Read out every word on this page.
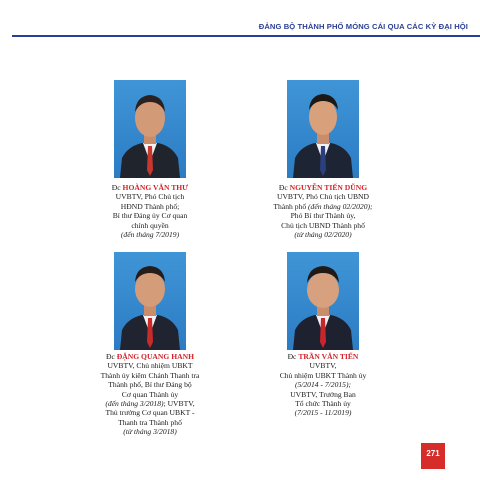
ĐẢNG BỘ THÀNH PHỐ MÓNG CÁI QUA CÁC KỲ ĐẠI HỘI
Đc HOÀNG VĂN THƯ
UVBTV, Phó Chủ tịch
HĐND Thành phố;
Bí thư Đảng ủy Cơ quan
chính quyền
(đến tháng 7/2019)
Đc NGUYỄN TIẾN DŨNG
UVBTV, Phó Chủ tịch UBND
Thành phố (đến tháng 02/2020);
Phó Bí thư Thành ủy,
Chủ tịch UBND Thành phố
(từ tháng 02/2020)
Đc ĐẶNG QUANG HANH
UVBTV, Chủ nhiệm UBKT
Thành ủy kiêm Chánh Thanh tra
Thành phố, Bí thư Đảng bộ
Cơ quan Thành ủy
(đến tháng 3/2018); UVBTV,
Thủ trưởng Cơ quan UBKT -
Thanh tra Thành phố
(từ tháng 3/2018)
Đc TRẦN VĂN TIẾN
UVBTV,
Chủ nhiệm UBKT Thành ủy
(5/2014 - 7/2015);
UVBTV, Trưởng Ban
Tổ chức Thành ủy
(7/2015 - 11/2019)
271
